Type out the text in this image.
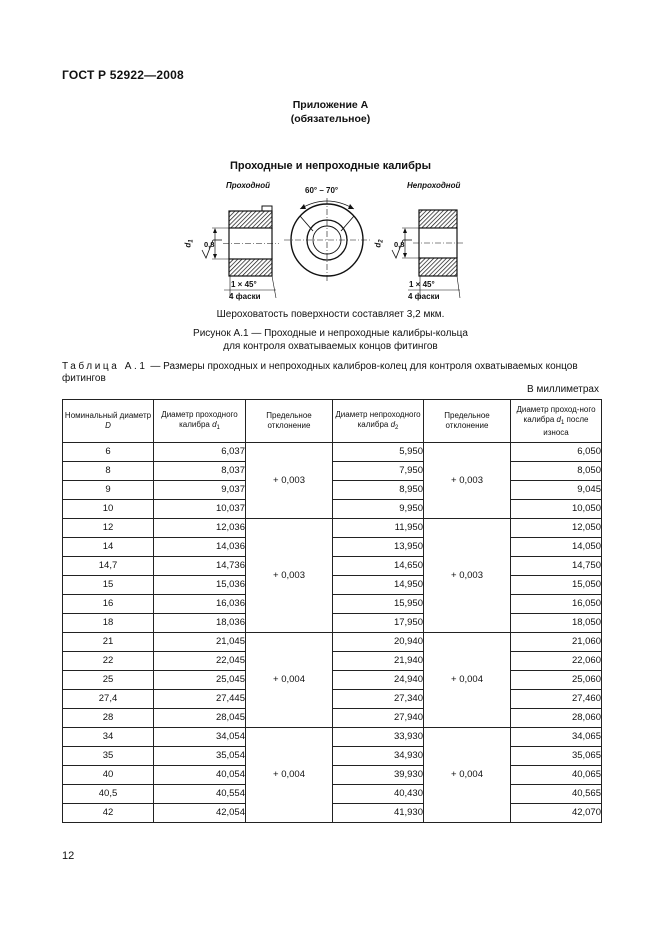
ГОСТ Р 52922—2008
Приложение А
(обязательное)
Проходные и непроходные калибры
Проходной	Непроходной
60° – 70°
$d_1$
$d_2$
0,8	0,8
1 × 45°
4 фаски
1 × 45°
4 фаски
Шероховатость поверхности составляет 3,2 мкм.
Рисунок А.1 — Проходные и непроходные калибры-кольца
для контроля охватываемых концов фитингов
Таблица А.1 — Размеры проходных и непроходных калибров-колец для контроля охватываемых концов фитингов
В миллиметрах
Номинальный диаметр D	Диаметр проходного калибра $d_1$	Предельное отклонение	Диаметр непроходного калибра $d_2$	Предельное отклонение	Диаметр проход-ного калибра $d_1$ после износа
6	6,037	+ 0,003	5,950	+ 0,003	6,050
8	8,037		7,950		8,050
9	9,037		8,950		9,045
10	10,037		9,950		10,050
12	12,036	+ 0,003	11,950	+ 0,003	12,050
14	14,036		13,950		14,050
14,7	14,736		14,650		14,750
15	15,036		14,950		15,050
16	16,036		15,950		16,050
18	18,036		17,950		18,050
21	21,045	+ 0,004	20,940	+ 0,004	21,060
22	22,045		21,940		22,060
25	25,045		24,940		25,060
27,4	27,445		27,340		27,460
28	28,045		27,940		28,060
34	34,054	+ 0,004	33,930	+ 0,004	34,065
35	35,054		34,930		35,065
40	40,054		39,930		40,065
40,5	40,554		40,430		40,565
42	42,054		41,930		42,070
12
